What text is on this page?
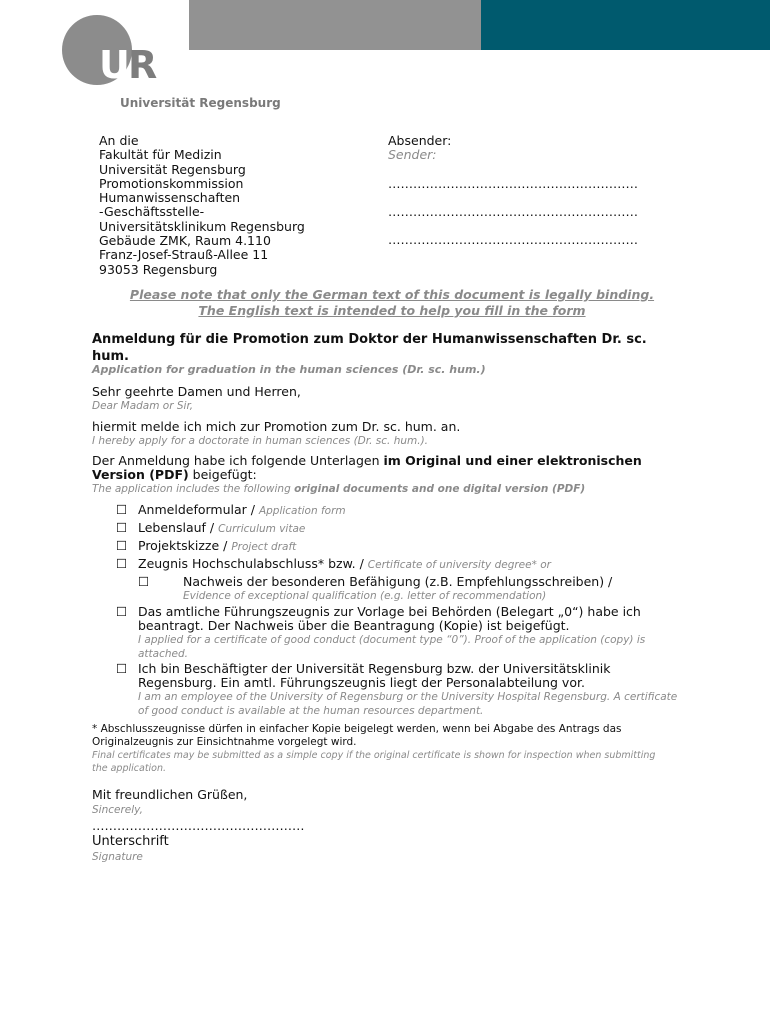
U
R
Universität Regensburg
An die
Fakultät für Medizin
Universität Regensburg
Promotionskommission
Humanwissenschaften
-Geschäftsstelle-
Universitätsklinikum Regensburg
Gebäude ZMK, Raum 4.110
Franz-Josef-Strauß-Allee 11
93053 Regensburg
Absender:
Sender:
……………………………………………………
……………………………………………………
……………………………………………………
Please note that only the German text of this document is legally binding.
The English text is intended to help you fill in the form
Anmeldung für die Promotion zum Doktor der Humanwissenschaften Dr. sc. hum.
Application for graduation in the human sciences (Dr. sc. hum.)
Sehr geehrte Damen und Herren,
Dear Madam or Sir,
hiermit melde ich mich zur Promotion zum Dr. sc. hum. an.
I hereby apply for a doctorate in human sciences (Dr. sc. hum.).
Der Anmeldung habe ich folgende Unterlagen im Original und einer elektronischen Version (PDF) beigefügt:
The application includes the following original documents and one digital version (PDF)
☐ Anmeldeformular / Application form
☐ Lebenslauf / Curriculum vitae
☐ Projektskizze / Project draft
☐ Zeugnis Hochschulabschluss* bzw. / Certificate of university degree* or
☐	Nachweis der besonderen Befähigung (z.B. Empfehlungsschreiben) /
Evidence of exceptional qualification (e.g. letter of recommendation)
☐ Das amtliche Führungszeugnis zur Vorlage bei Behörden (Belegart „0“) habe ich beantragt. Der Nachweis über die Beantragung (Kopie) ist beigefügt.
I applied for a certificate of good conduct (document type “0”). Proof of the application (copy) is attached.
☐ Ich bin Beschäftigter der Universität Regensburg bzw. der Universitätsklinik Regensburg. Ein amtl. Führungszeugnis liegt der Personalabteilung vor.
I am an employee of the University of Regensburg or the University Hospital Regensburg. A certificate of good conduct is available at the human resources department.
* Abschlusszeugnisse dürfen in einfacher Kopie beigelegt werden, wenn bei Abgabe des Antrags das Originalzeugnis zur Einsichtnahme vorgelegt wird.
Final certificates may be submitted as a simple copy if the original certificate is shown for inspection when submitting the application.
Mit freundlichen Grüßen,
Sincerely,
……………………………………………
Unterschrift
Signature
